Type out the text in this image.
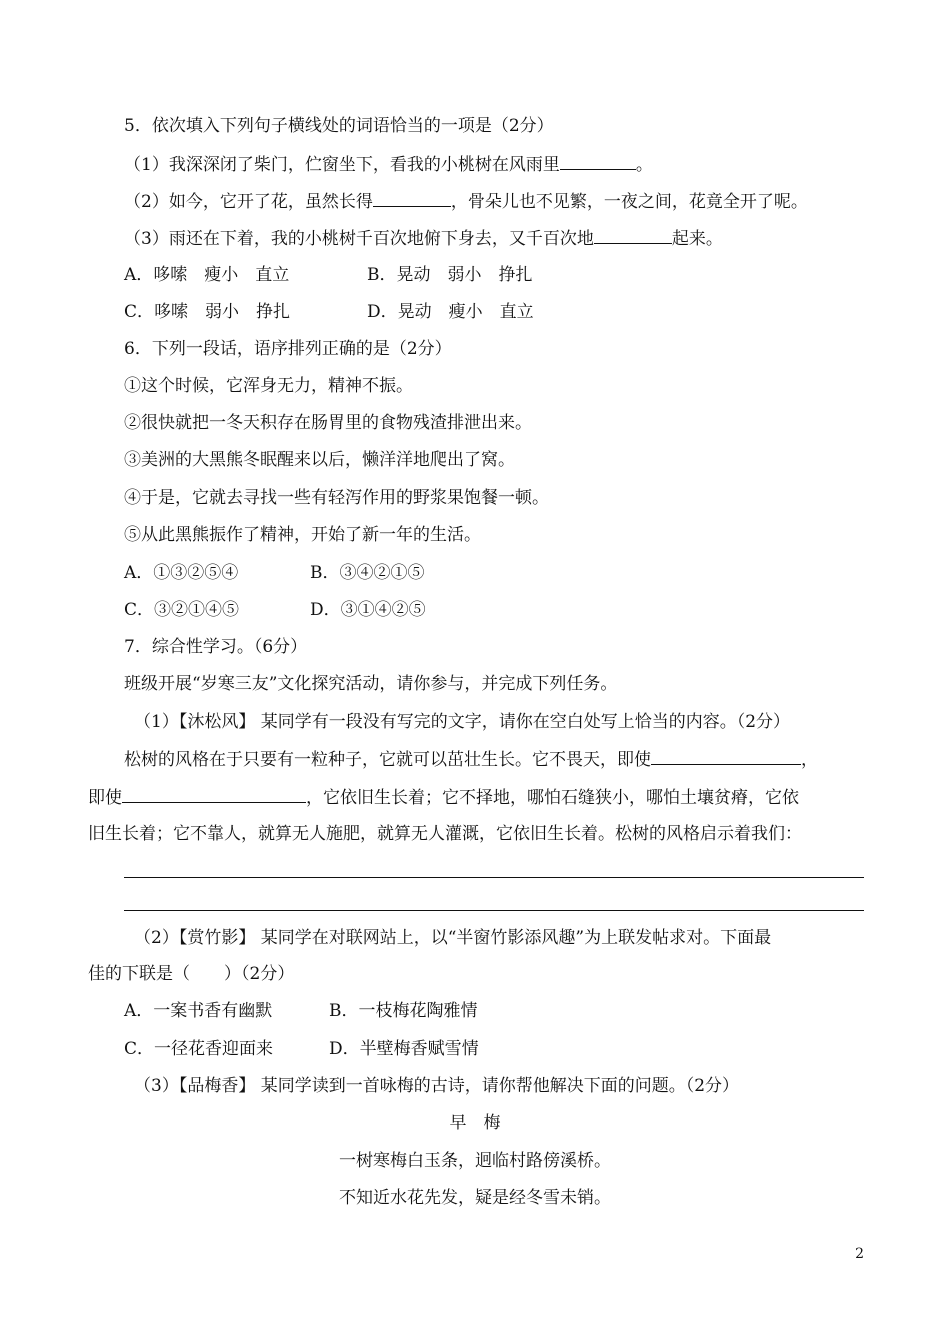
5．依次填入下列句子横线处的词语恰当的一项是（2分）
（1）我深深闭了柴门，伫窗坐下，看我的小桃树在风雨里	。
（2）如今，它开了花，虽然长得	，骨朵儿也不见繁，一夜之间，花竟全开了呢。
（3）雨还在下着，我的小桃树千百次地俯下身去，又千百次地	起来。
A．哆嗦　瘦小　直立	B．晃动　弱小　挣扎
C．哆嗦　弱小　挣扎	D．晃动　瘦小　直立
6．下列一段话，语序排列正确的是（2分）
①这个时候，它浑身无力，精神不振。
②很快就把一冬天积存在肠胃里的食物残渣排泄出来。
③美洲的大黑熊冬眠醒来以后，懒洋洋地爬出了窝。
④于是，它就去寻找一些有轻泻作用的野浆果饱餐一顿。
⑤从此黑熊振作了精神，开始了新一年的生活。
A．①③②⑤④	B．③④②①⑤
C．③②①④⑤	D．③①④②⑤
7．综合性学习。（6分）
班级开展“岁寒三友”文化探究活动，请你参与，并完成下列任务。
（1）【沐松风】 某同学有一段没有写完的文字，请你在空白处写上恰当的内容。（2分）
松树的风格在于只要有一粒种子，它就可以茁壮生长。它不畏天，即使	，
即使	，它依旧生长着；它不择地，哪怕石缝狭小，哪怕土壤贫瘠，它依
旧生长着；它不靠人，就算无人施肥，就算无人灌溉，它依旧生长着。松树的风格启示着我们：
（2）【赏竹影】 某同学在对联网站上，以“半窗竹影添风趣”为上联发帖求对。下面最
佳的下联是（ ）（2分）
A．一案书香有幽默	B．一枝梅花陶雅情
C．一径花香迎面来	D．半壁梅香赋雪情
（3）【品梅香】 某同学读到一首咏梅的古诗，请你帮他解决下面的问题。（2分）
早　梅
一树寒梅白玉条，迥临村路傍溪桥。
不知近水花先发，疑是经冬雪未销。
2
